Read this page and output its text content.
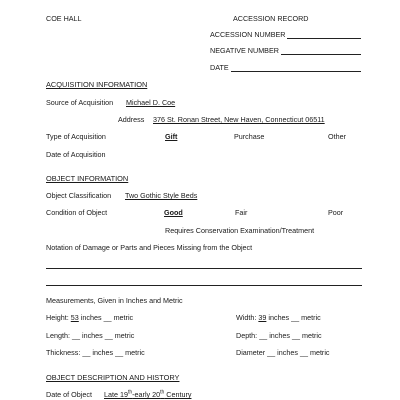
COE HALL	ACCESSION RECORD
ACCESSION NUMBER
NEGATIVE NUMBER
DATE
ACQUISITION INFORMATION
Source of Acquisition Michael D. Coe
Address 376 St. Ronan Street, New Haven, Connecticut 06511
Type of Acquisition	Gift	Purchase	Other
Date of Acquisition
OBJECT INFORMATION
Object Classification Two Gothic Style Beds
Condition of Object	Good	Fair	Poor
Requires Conservation Examination/Treatment
Notation of Damage or Parts and Pieces Missing from the Object
Measurements, Given in Inches and Metric
Height: 53 inches __ metric	Width: 39 inches __ metric
Length: __ inches __ metric	Depth: __ inches __ metric
Thickness: __ inches __ metric	Diameter __ inches __ metric
OBJECT DESCRIPTION AND HISTORY
Date of Object Late 19th-early 20th Century
